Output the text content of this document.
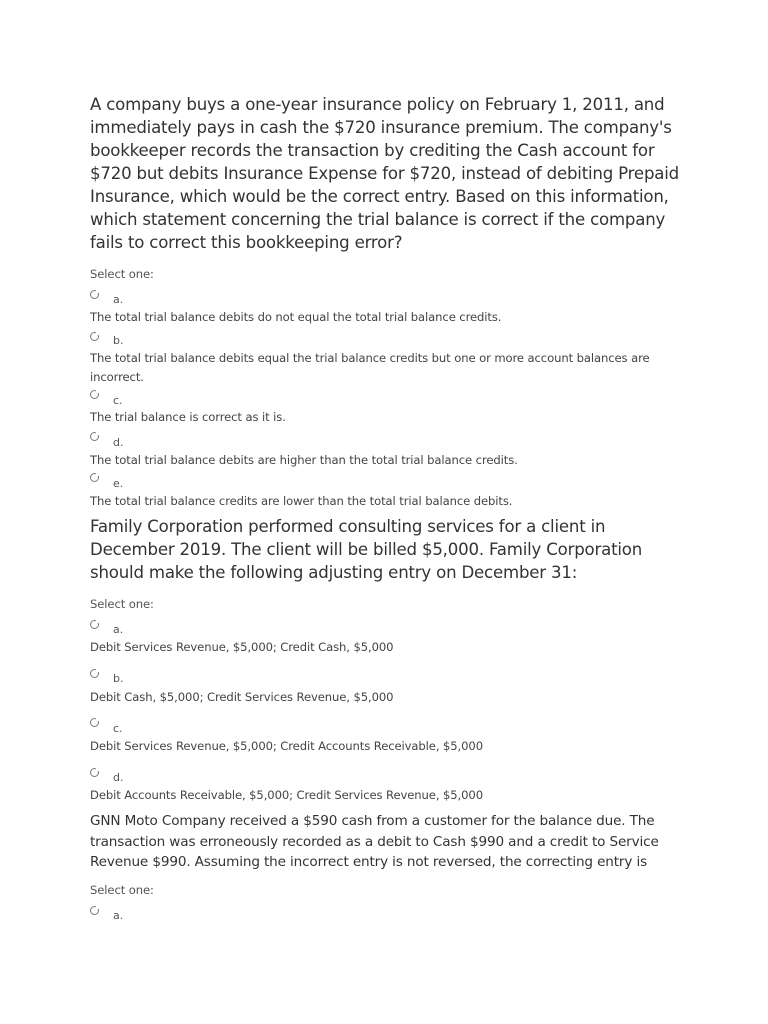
A company buys a one-year insurance policy on February 1, 2011, and immediately pays in cash the $720 insurance premium. The company's bookkeeper records the transaction by crediting the Cash account for $720 but debits Insurance Expense for $720, instead of debiting Prepaid Insurance, which would be the correct entry. Based on this information, which statement concerning the trial balance is correct if the company fails to correct this bookkeeping error?

Select one:

a.

The total trial balance debits do not equal the total trial balance credits.

b.

The total trial balance debits equal the trial balance credits but one or more account balances are incorrect.

c.

The trial balance is correct as it is.

d.

The total trial balance debits are higher than the total trial balance credits.

e.

The total trial balance credits are lower than the total trial balance debits.

Family Corporation performed consulting services for a client in December 2019. The client will be billed $5,000. Family Corporation should make the following adjusting entry on December 31:

Select one:

a.

Debit Services Revenue, $5,000; Credit Cash, $5,000

b.

Debit Cash, $5,000; Credit Services Revenue, $5,000

c.

Debit Services Revenue, $5,000; Credit Accounts Receivable, $5,000

d.

Debit Accounts Receivable, $5,000; Credit Services Revenue, $5,000

GNN Moto Company received a $590 cash from a customer for the balance due. The transaction was erroneously recorded as a debit to Cash $990 and a credit to Service Revenue $990. Assuming the incorrect entry is not reversed, the correcting entry is

Select one:

a.
